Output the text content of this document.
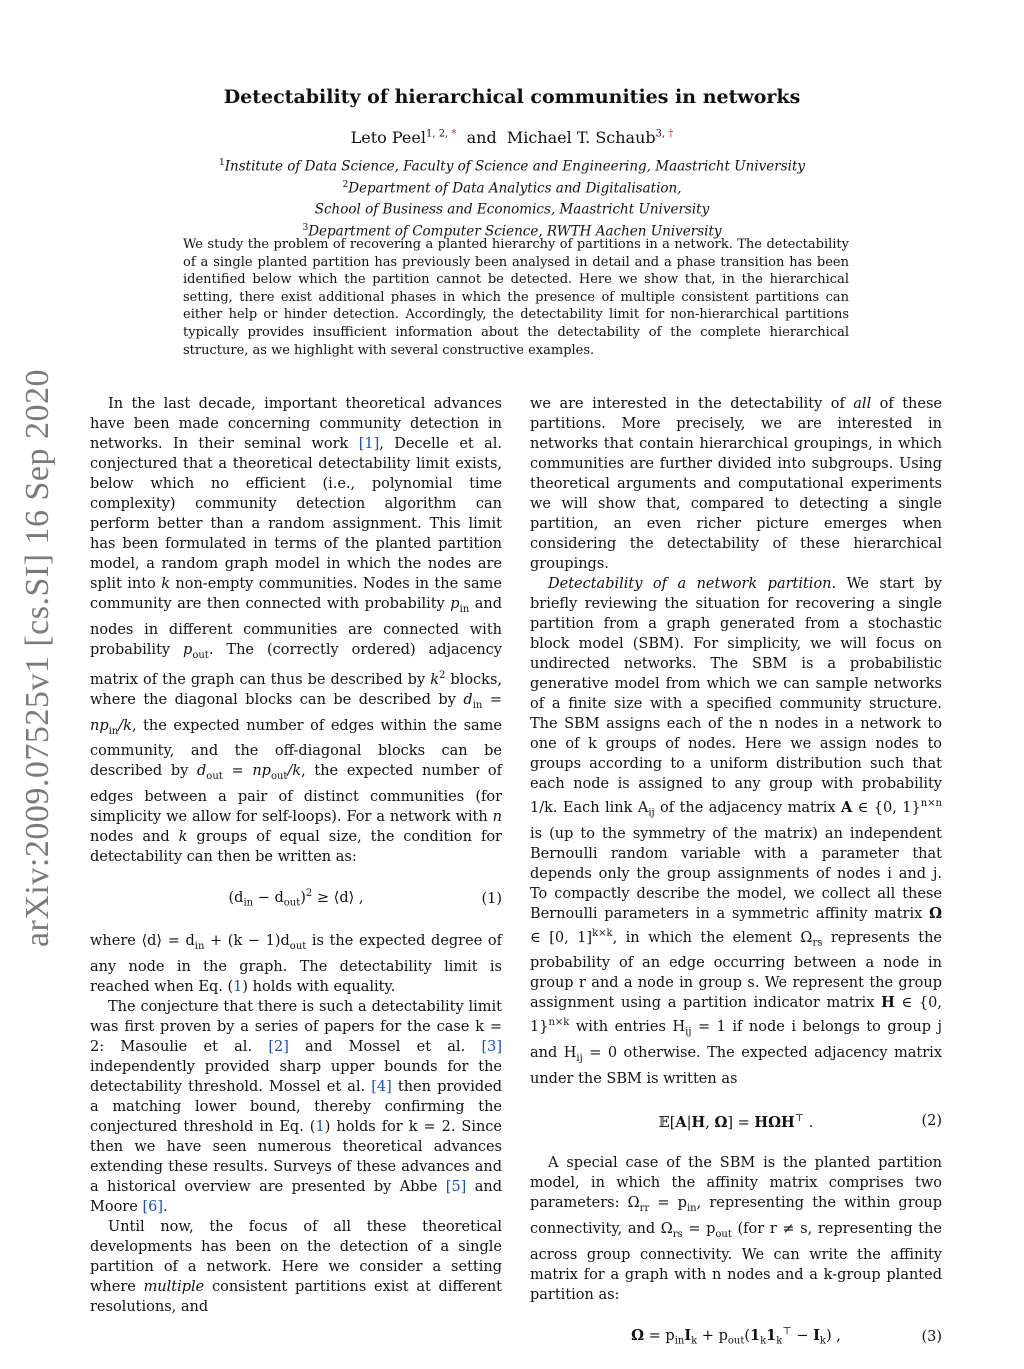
arXiv:2009.07525v1 [cs.SI] 16 Sep 2020
Detectability of hierarchical communities in networks
Leto Peel$^{1, 2, *}$ and Michael T. Schaub$^{3, \dagger}$
$^1$Institute of Data Science, Faculty of Science and Engineering, Maastricht University
$^2$Department of Data Analytics and Digitalisation,
School of Business and Economics, Maastricht University
$^3$Department of Computer Science, RWTH Aachen University
We study the problem of recovering a planted hierarchy of partitions in a network. The detectability of a single planted partition has previously been analysed in detail and a phase transition has been identified below which the partition cannot be detected. Here we show that, in the hierarchical setting, there exist additional phases in which the presence of multiple consistent partitions can either help or hinder detection. Accordingly, the detectability limit for non-hierarchical partitions typically provides insufficient information about the detectability of the complete hierarchical structure, as we highlight with several constructive examples.

In the last decade, important theoretical advances have been made concerning community detection in networks. In their seminal work [1], Decelle et al. conjectured that a theoretical detectability limit exists, below which no efficient (i.e., polynomial time complexity) community detection algorithm can perform better than a random assignment. This limit has been formulated in terms of the planted partition model, a random graph model in which the nodes are split into k non-empty communities. Nodes in the same community are then connected with probability $p_{in}$ and nodes in different communities are connected with probability $p_{out}$. The (correctly ordered) adjacency matrix of the graph can thus be described by $k^2$ blocks, where the diagonal blocks can be described by $d_{in} = np_{in}/k$, the expected number of edges within the same community, and the off-diagonal blocks can be described by $d_{out} = np_{out}/k$, the expected number of edges between a pair of distinct communities (for simplicity we allow for self-loops). For a network with n nodes and k groups of equal size, the condition for detectability can then be written as:

$(d_{in} - d_{out})^2$ ≥ ⟨d⟩ ,	(1)

where ⟨d⟩ = $d_{in} + (k - 1)d_{out}$ is the expected degree of any node in the graph. The detectability limit is reached when Eq. (1) holds with equality.

The conjecture that there is such a detectability limit was first proven by a series of papers for the case k = 2: Masoulie et al. [2] and Mossel et al. [3] independently provided sharp upper bounds for the detectability threshold. Mossel et al. [4] then provided a matching lower bound, thereby confirming the conjectured threshold in Eq. (1) holds for k = 2. Since then we have seen numerous theoretical advances extending these results. Surveys of these advances and a historical overview are presented by Abbe [5] and Moore [6].

Until now, the focus of all these theoretical developments has been on the detection of a single partition of a network. Here we consider a setting where multiple consistent partitions exist at different resolutions, and

we are interested in the detectability of all of these partitions. More precisely, we are interested in networks that contain hierarchical groupings, in which communities are further divided into subgroups. Using theoretical arguments and computational experiments we will show that, compared to detecting a single partition, an even richer picture emerges when considering the detectability of these hierarchical groupings.

Detectability of a network partition. We start by briefly reviewing the situation for recovering a single partition from a graph generated from a stochastic block model (SBM). For simplicity, we will focus on undirected networks. The SBM is a probabilistic generative model from which we can sample networks of a finite size with a specified community structure. The SBM assigns each of the n nodes in a network to one of k groups of nodes. Here we assign nodes to groups according to a uniform distribution such that each node is assigned to any group with probability 1/k. Each link $A_{ij}$ of the adjacency matrix A ∈ {0, 1}$^{n\times n}$ is (up to the symmetry of the matrix) an independent Bernoulli random variable with a parameter that depends only the group assignments of nodes i and j. To compactly describe the model, we collect all these Bernoulli parameters in a symmetric affinity matrix Ω ∈ [0, 1]$^{k\times k}$, in which the element $\Omega_{rs}$ represents the probability of an edge occurring between a node in group r and a node in group s. We represent the group assignment using a partition indicator matrix H ∈ {0, 1}$^{n\times k}$ with entries $H_{ij} = 1$ if node i belongs to group j and $H_{ij} = 0$ otherwise. The expected adjacency matrix under the SBM is written as

𝔼[A|H, Ω] = HΩH⊤ .	(2)

A special case of the SBM is the planted partition model, in which the affinity matrix comprises two parameters: $\Omega_{rr} = p_{in}$, representing the within group connectivity, and $\Omega_{rs} = p_{out}$ (for r ≠ s, representing the across group connectivity. We can write the affinity matrix for a graph with n nodes and a k-group planted partition as:

$\Omega = p_{in}I_k + p_{out}(1_k1_k^⊤ - I_k)$ ,	(3)
